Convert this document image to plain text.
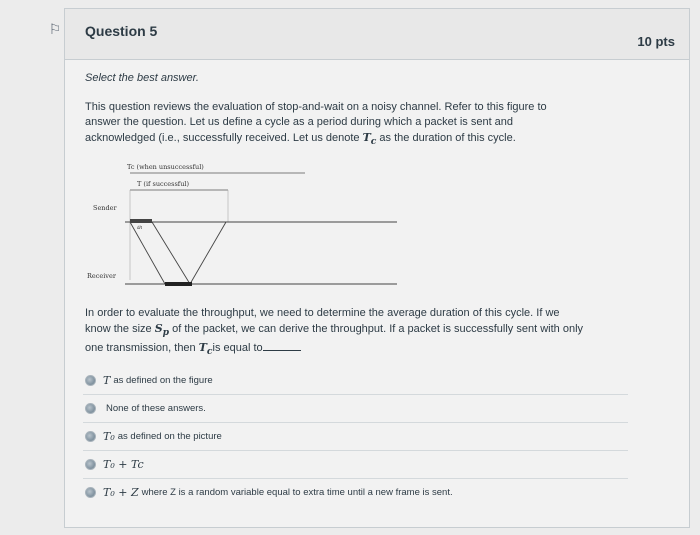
⚐	Question 5
10 pts

Select the best answer.

This question reviews the evaluation of stop-and-wait on a noisy channel. Refer to this figure to answer the question. Let us define a cycle as a period during which a packet is sent and acknowledged (i.e., successfully received. Let us denote $T_c$ as the duration of this cycle.

Tc (when unsuccessful)
T (if successful)
Sender
d/t
Receiver
In order to evaluate the throughput, we need to determine the average duration of this cycle. If we know the size $S_p$ of the packet, we can derive the throughput. If a packet is successfully sent with only one transmission, then $T_cis$ equal to
T as defined on the figure
None of these answers.
T₀ as defined on the picture
T₀ + Tc
T₀ + Z where Z is a random variable equal to extra time until a new frame is sent.
